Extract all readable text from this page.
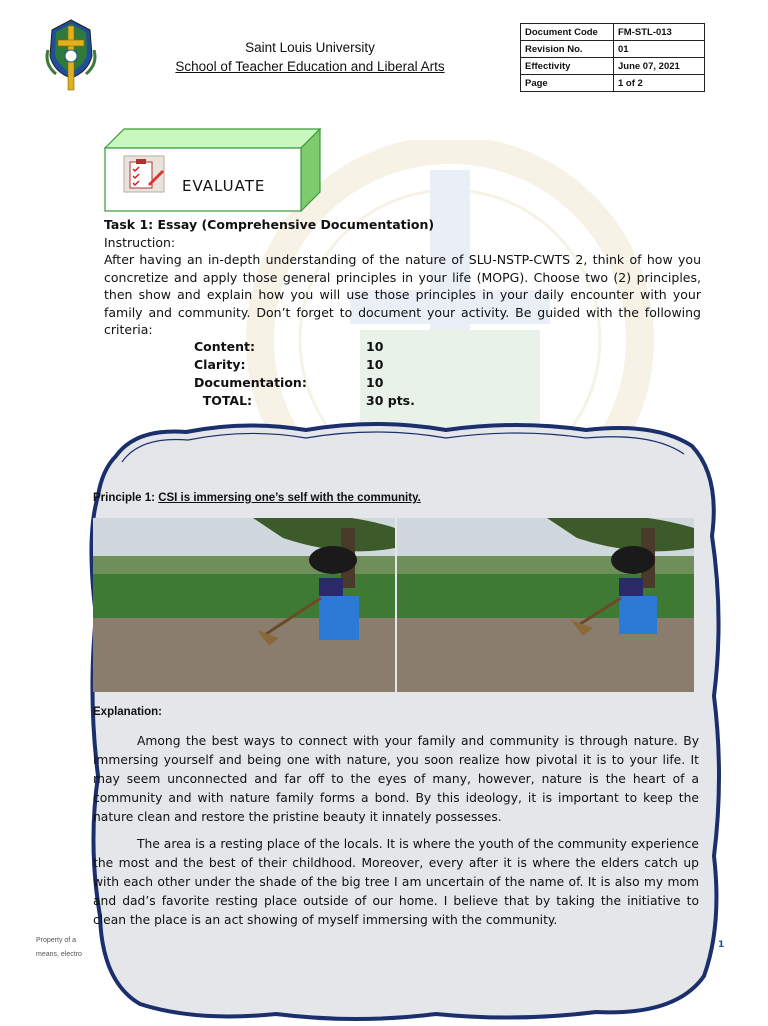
Saint Louis University
School of Teacher Education and Liberal Arts
Document Code	FM-STL-013
Revision No.	01
Effectivity	June 07, 2021
Page	1 of 2
EVALUATE
Task 1: Essay (Comprehensive Documentation)
Instruction:

After having an in-depth understanding of the nature of SLU-NSTP-CWTS 2, think of how you concretize and apply those general principles in your life (MOPG). Choose two (2) principles, then show and explain how you will use those principles in your daily encounter with your family and community. Don’t forget to document your activity. Be guided with the following criteria:

Content:	10
Clarity:	10
Documentation:	10
TOTAL:	30 pts.
Property of a
means, electro
1
Principle 1: CSI is immersing one’s self with the community.
Explanation:

Among the best ways to connect with your family and community is through nature. By immersing yourself and being one with nature, you soon realize how pivotal it is to your life. It may seem unconnected and far off to the eyes of many, however, nature is the heart of a community and with nature family forms a bond. By this ideology, it is important to keep the nature clean and restore the pristine beauty it innately possesses.

The area is a resting place of the locals. It is where the youth of the community experience the most and the best of their childhood. Moreover, every after it is where the elders catch up with each other under the shade of the big tree I am uncertain of the name of. It is also my mom and dad’s favorite resting place outside of our home. I believe that by taking the initiative to clean the place is an act showing of myself immersing with the community.
